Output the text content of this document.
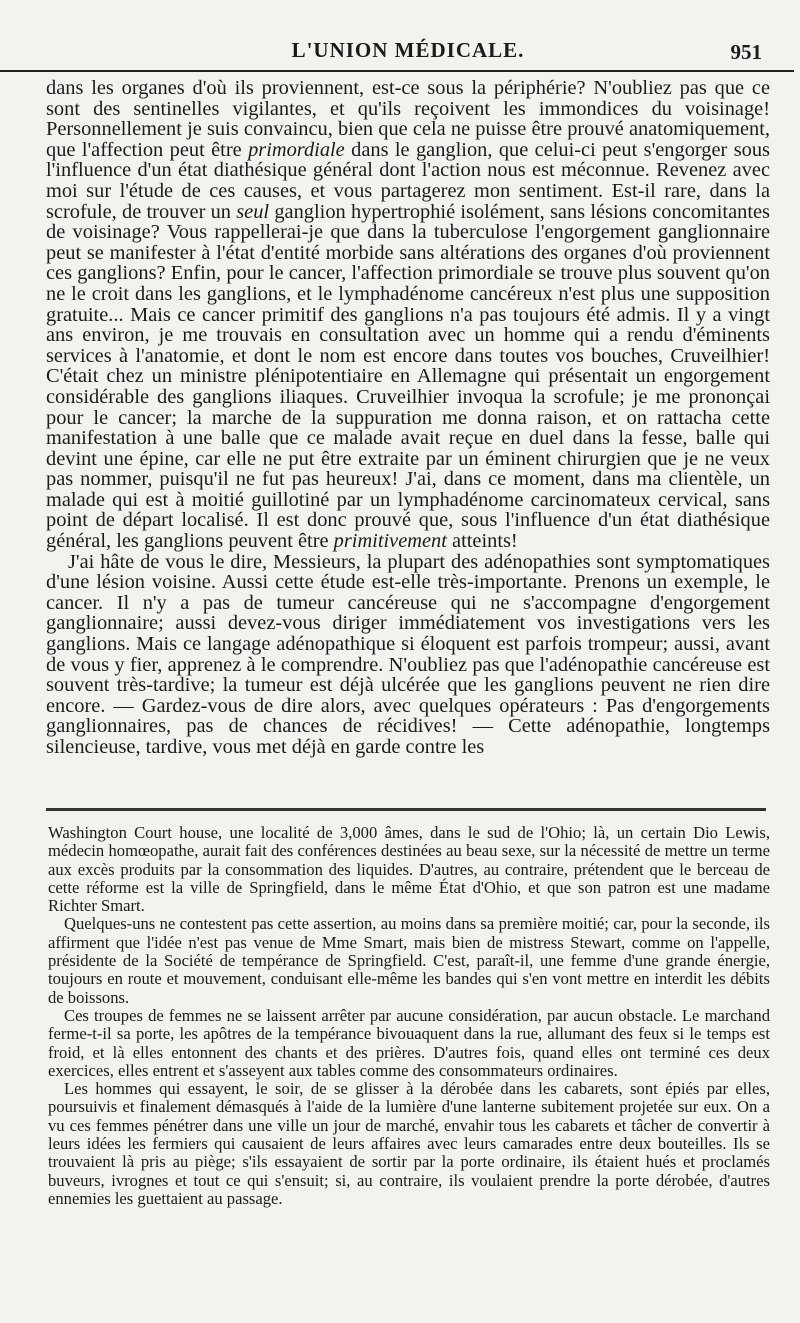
L'UNION MÉDICALE.	951

dans les organes d'où ils proviennent, est-ce sous la périphérie? N'oubliez pas que ce sont des sentinelles vigilantes, et qu'ils reçoivent les immondices du voisinage! Personnellement je suis convaincu, bien que cela ne puisse être prouvé anatomiquement, que l'affection peut être primordiale dans le ganglion, que celui-ci peut s'engorger sous l'influence d'un état diathésique général dont l'action nous est méconnue. Revenez avec moi sur l'étude de ces causes, et vous partagerez mon sentiment. Est-il rare, dans la scrofule, de trouver un seul ganglion hypertrophié isolément, sans lésions concomitantes de voisinage? Vous rappellerai-je que dans la tuberculose l'engorgement ganglionnaire peut se manifester à l'état d'entité morbide sans altérations des organes d'où proviennent ces ganglions? Enfin, pour le cancer, l'affection primordiale se trouve plus souvent qu'on ne le croit dans les ganglions, et le lymphadénome cancéreux n'est plus une supposition gratuite... Mais ce cancer primitif des ganglions n'a pas toujours été admis. Il y a vingt ans environ, je me trouvais en consultation avec un homme qui a rendu d'éminents services à l'anatomie, et dont le nom est encore dans toutes vos bouches, Cruveilhier! C'était chez un ministre plénipotentiaire en Allemagne qui présentait un engorgement considérable des ganglions iliaques. Cruveilhier invoqua la scrofule; je me prononçai pour le cancer; la marche de la suppuration me donna raison, et on rattacha cette manifestation à une balle que ce malade avait reçue en duel dans la fesse, balle qui devint une épine, car elle ne put être extraite par un éminent chirurgien que je ne veux pas nommer, puisqu'il ne fut pas heureux! J'ai, dans ce moment, dans ma clientèle, un malade qui est à moitié guillotiné par un lymphadénome carcinomateux cervical, sans point de départ localisé. Il est donc prouvé que, sous l'influence d'un état diathésique général, les ganglions peuvent être primitivement atteints!

J'ai hâte de vous le dire, Messieurs, la plupart des adénopathies sont symptomatiques d'une lésion voisine. Aussi cette étude est-elle très-importante. Prenons un exemple, le cancer. Il n'y a pas de tumeur cancéreuse qui ne s'accompagne d'engorgement ganglionnaire; aussi devez-vous diriger immédiatement vos investigations vers les ganglions. Mais ce langage adénopathique si éloquent est parfois trompeur; aussi, avant de vous y fier, apprenez à le comprendre. N'oubliez pas que l'adénopathie cancéreuse est souvent très-tardive; la tumeur est déjà ulcérée que les ganglions peuvent ne rien dire encore. — Gardez-vous de dire alors, avec quelques opérateurs : Pas d'engorgements ganglionnaires, pas de chances de récidives! — Cette adénopathie, longtemps silencieuse, tardive, vous met déjà en garde contre les

Washington Court house, une localité de 3,000 âmes, dans le sud de l'Ohio; là, un certain Dio Lewis, médecin homœopathe, aurait fait des conférences destinées au beau sexe, sur la nécessité de mettre un terme aux excès produits par la consommation des liquides. D'autres, au contraire, prétendent que le berceau de cette réforme est la ville de Springfield, dans le même État d'Ohio, et que son patron est une madame Richter Smart.

Quelques-uns ne contestent pas cette assertion, au moins dans sa première moitié; car, pour la seconde, ils affirment que l'idée n'est pas venue de Mme Smart, mais bien de mistress Stewart, comme on l'appelle, présidente de la Société de tempérance de Springfield. C'est, paraît-il, une femme d'une grande énergie, toujours en route et mouvement, conduisant elle-même les bandes qui s'en vont mettre en interdit les débits de boissons.

Ces troupes de femmes ne se laissent arrêter par aucune considération, par aucun obstacle. Le marchand ferme-t-il sa porte, les apôtres de la tempérance bivouaquent dans la rue, allumant des feux si le temps est froid, et là elles entonnent des chants et des prières. D'autres fois, quand elles ont terminé ces deux exercices, elles entrent et s'asseyent aux tables comme des consommateurs ordinaires.

Les hommes qui essayent, le soir, de se glisser à la dérobée dans les cabarets, sont épiés par elles, poursuivis et finalement démasqués à l'aide de la lumière d'une lanterne subitement projetée sur eux. On a vu ces femmes pénétrer dans une ville un jour de marché, envahir tous les cabarets et tâcher de convertir à leurs idées les fermiers qui causaient de leurs affaires avec leurs camarades entre deux bouteilles. Ils se trouvaient là pris au piège; s'ils essayaient de sortir par la porte ordinaire, ils étaient hués et proclamés buveurs, ivrognes et tout ce qui s'ensuit; si, au contraire, ils voulaient prendre la porte dérobée, d'autres ennemies les guettaient au passage.
